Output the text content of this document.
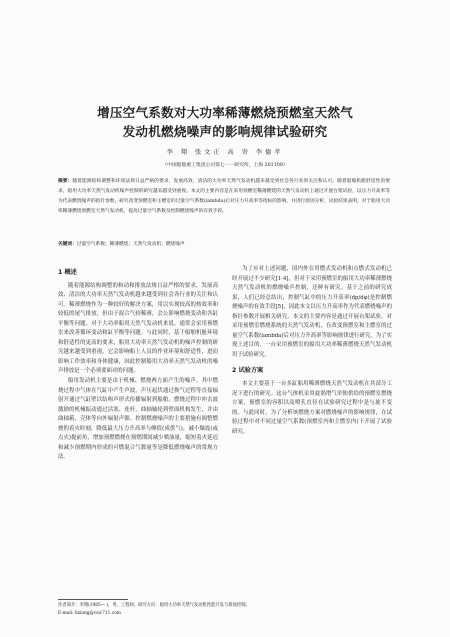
增压空气系数对大功率稀薄燃烧预燃室天然气
发动机燃烧噪声的影响规律试验研究
李 翔 张文正 高 寄 李德孝
（中国船舶重工集团公司第七一一研究所，上海 201108）
摘要：随着能源结构调整和环境法规日益严格的要求，发展高效、清洁的大功率天然气发动机越来越受到社会各行业的关注和认可。随着船舶机舱舒适性的要求，船用大功率天然气发动机噪声控制的研究越来越受到重视。本文的主要内容是在采用预燃室稀薄燃烧的天然气发动机上通过开展台架试验，以压力升高率等为代表燃烧噪声的指针参数，研究改变预燃室和主燃室的过量空气系数(lambda)后对压力升高率等指标的影响，并进行原因分析，试验结果表明，对于船用大功率稀薄燃烧预燃室天然气发动机，提高过量空气系数及控制燃烧噪声的有效手段。
关键词：过量空气系数；稀薄燃烧；天然气发动机；燃烧噪声
1 概述

随着能源结构调整的和动和排放法规日益严格的要求，发展高效、清洁的大功率天然气发动机越来越受到社会各行业的关注和认可。稀薄燃烧作为一种较好的解决方案，用以实现较高的热效率和较低的尾气排放，但由于混合气较稀薄，会公影响燃烧变动和各缸平衡等问题。对于大功率船用天然气发动机来说，通常会采用预燃室来改善循环变动和缸平衡等问题。与此同时，基于船舶机舱环境和舒适性的更高的要求，船用大功率天然气发动机的噪声控制的研究越来越受到重视。它会影响船上人员的作业环境和舒适性，进而影响工作效率和身体健康，因此控制船用大功率天然气发动机的噪声排放是一个必须要面对的问题。

船用发动机主要是由于机械、燃烧两方面产生的噪声。其中燃烧过程中气体在气缸中产生声波，声压起伏通过换气过程等直接辐射开通过气缸壁以结构声形式传播辐射到船舶。燃烧过程中冲击波激励的机械振动通过活塞、连杆、曲轴轴轮到壁面机构发生，并由曲轴箱、壳体等向外辐射声源。控制燃烧噪声的主要措施有调整燃烧的着火时刻，降低最大压力升高率与峰值(成供气)，减小爆震(或点火)提前角，增加预燃燃烧在预燃期间减少喷油量，缩短着火延迟和减少预燃期内形成的可燃混合气数量等是降低燃烧噪声的常规方法。

为了应对上述问题，国内外在用燃式发动机和点燃式发动机已经开展过不少研究[1-4]，但对于采用预燃室的船用大功率稀薄燃烧天然气发动机的燃烧噪声控制，还鲜有研究。基于之前的研究成果，人们已经总结出，控制气缸中的压力升高率(dp/dφ)是控制燃烧噪声的有效手段[5]，因此本文以压力升高率作为代表燃烧噪声的指针参数开展相关研究。本文的主要内容是通过开展台架试验，对采用预燃室燃烧系统的天然气发动机，在改变预燃室和主燃室的过量空气系数(lambda)后对压力升高率等影响规律进行研究。为了实现上述目的，一台采用预燃室的船用大功率稀薄燃烧天然气发动机用于试验研究。

2 试验方案

本文主要基于一台多缸船用稀薄燃烧天然气发动机在其部分工况下进行的研究。这台气体机采用旋涡增气单独供给的预燃室燃烧方案，预燃室的容积以及喷孔直径在试验研究过程中是与旋不变的。与此同时，为了分析该燃烧方案对燃烧噪声的影响规律，在试验过程中对不同过量空气系数(预燃室内和主燃室内)下开展了试验研究。

作者简介：李翔(1985— )，男，工程师；研究方向：船用大功率天然气发动机性能开发与排放控制。
E-mail: lixiang@csic711.com
